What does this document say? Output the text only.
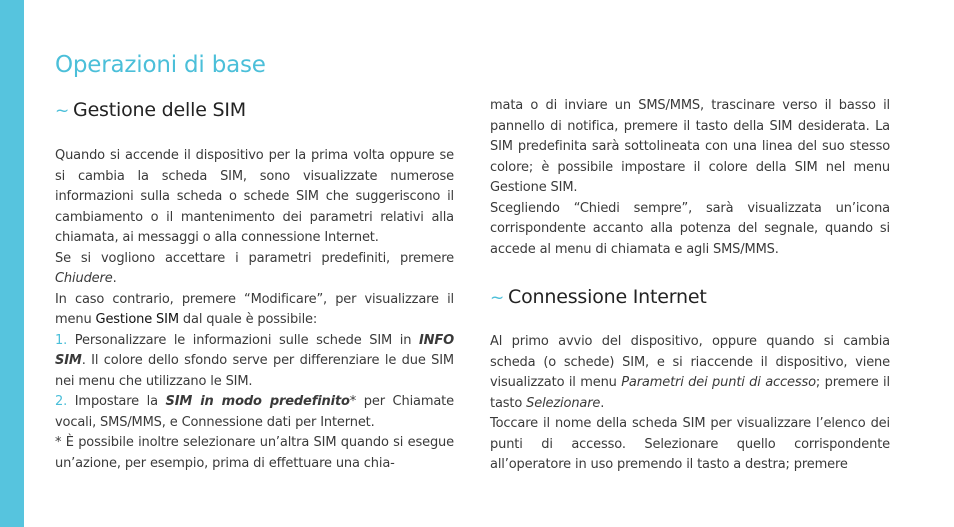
Operazioni di base
~ Gestione delle SIM

Quando si accende il dispositivo per la prima volta oppure se si cambia la scheda SIM, sono visualizzate numerose informazioni sulla scheda o schede SIM che suggeriscono il cambiamento o il mantenimento dei parametri relativi alla chiamata, ai messaggi o alla connessione Internet.

Se si vogliono accettare i parametri predefiniti, premere Chiudere.

In caso contrario, premere “Modificare”, per visualizzare il menu Gestione SIM dal quale è possibile:

1. Personalizzare le informazioni sulle schede SIM in INFO SIM. Il colore dello sfondo serve per differenziare le due SIM nei menu che utilizzano le SIM.

2. Impostare la SIM in modo predefinito* per Chiamate vocali, SMS/MMS, e Connessione dati per Internet.

* È possibile inoltre selezionare un’altra SIM quando si esegue un’azione, per esempio, prima di effettuare una chia-

mata o di inviare un SMS/MMS, trascinare verso il basso il pannello di notifica, premere il tasto della SIM desiderata. La SIM predefinita sarà sottolineata con una linea del suo stesso colore; è possibile impostare il colore della SIM nel menu Gestione SIM.

Scegliendo “Chiedi sempre”, sarà visualizzata un’icona corrispondente accanto alla potenza del segnale, quando si accede al menu di chiamata e agli SMS/MMS.

~ Connessione Internet

Al primo avvio del dispositivo, oppure quando si cambia scheda (o schede) SIM, e si riaccende il dispositivo, viene visualizzato il menu Parametri dei punti di accesso; premere il tasto Selezionare.

Toccare il nome della scheda SIM per visualizzare l’elenco dei punti di accesso. Selezionare quello corrispondente all’operatore in uso premendo il tasto a destra; premere
